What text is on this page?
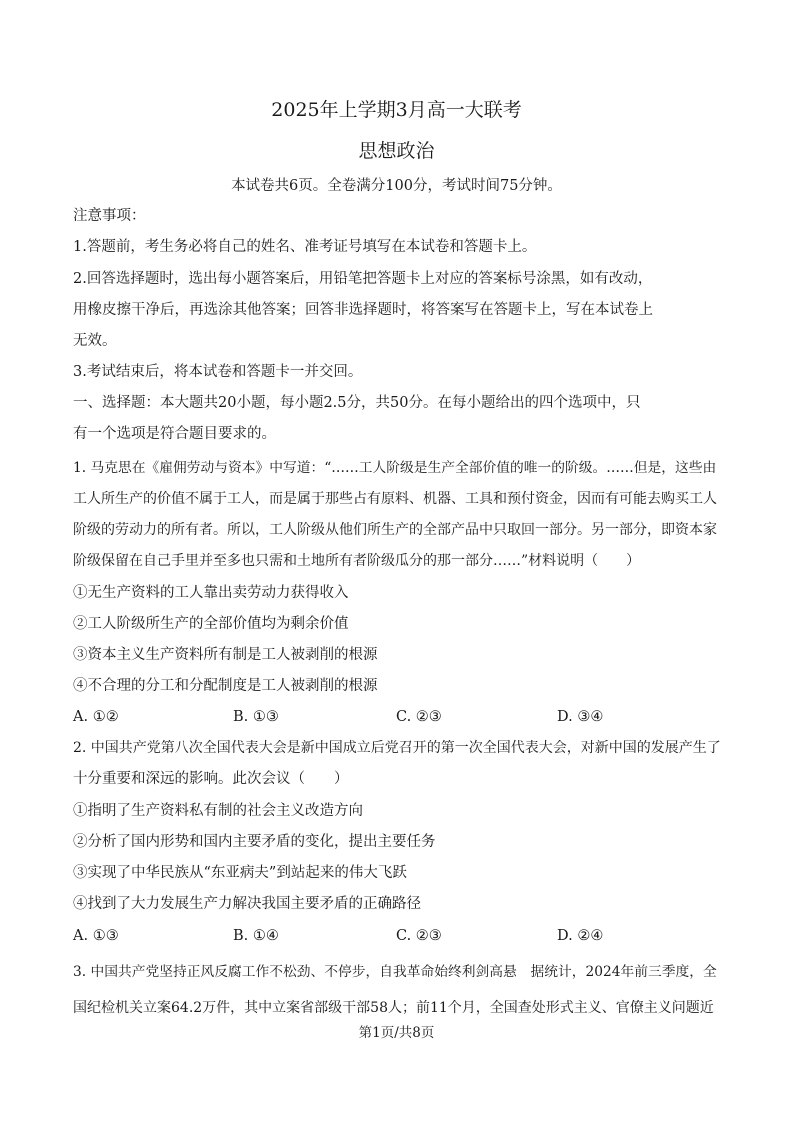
2025年上学期3月高一大联考
思想政治
本试卷共6页。全卷满分100分，考试时间75分钟。
注意事项：
1.答题前，考生务必将自己的姓名、准考证号填写在本试卷和答题卡上。
2.回答选择题时，选出每小题答案后，用铅笔把答题卡上对应的答案标号涂黑，如有改动，
用橡皮擦干净后，再选涂其他答案；回答非选择题时，将答案写在答题卡上，写在本试卷上
无效。
3.考试结束后，将本试卷和答题卡一并交回。
一、选择题：本大题共20小题，每小题2.5分，共50分。在每小题给出的四个选项中，只
有一个选项是符合题目要求的。
1. 马克思在《雇佣劳动与资本》中写道：“……工人阶级是生产全部价值的唯一的阶级。……但是，这些由
工人所生产的价值不属于工人，而是属于那些占有原料、机器、工具和预付资金，因而有可能去购买工人
阶级的劳动力的所有者。所以，工人阶级从他们所生产的全部产品中只取回一部分。另一部分，即资本家
阶级保留在自己手里并至多也只需和土地所有者阶级瓜分的那一部分……”材料说明（　　）
①无生产资料的工人靠出卖劳动力获得收入
②工人阶级所生产的全部价值均为剩余价值
③资本主义生产资料所有制是工人被剥削的根源
④不合理的分工和分配制度是工人被剥削的根源
A. ①②	B. ①③	C. ②③	D. ③④
2. 中国共产党第八次全国代表大会是新中国成立后党召开的第一次全国代表大会，对新中国的发展产生了
十分重要和深远的影响。此次会议（　　）
①指明了生产资料私有制的社会主义改造方向
②分析了国内形势和国内主要矛盾的变化，提出主要任务
③实现了中华民族从“东亚病夫”到站起来的伟大飞跃
④找到了大力发展生产力解决我国主要矛盾的正确路径
A. ①③	B. ①④	C. ②③	D. ②④
3. 中国共产党坚持正风反腐工作不松劲、不停步，自我革命始终利剑高悬　据统计，2024年前三季度，全
国纪检机关立案64.2万件，其中立案省部级干部58人；前11个月，全国查处形式主义、官僚主义问题近
第1页/共8页
